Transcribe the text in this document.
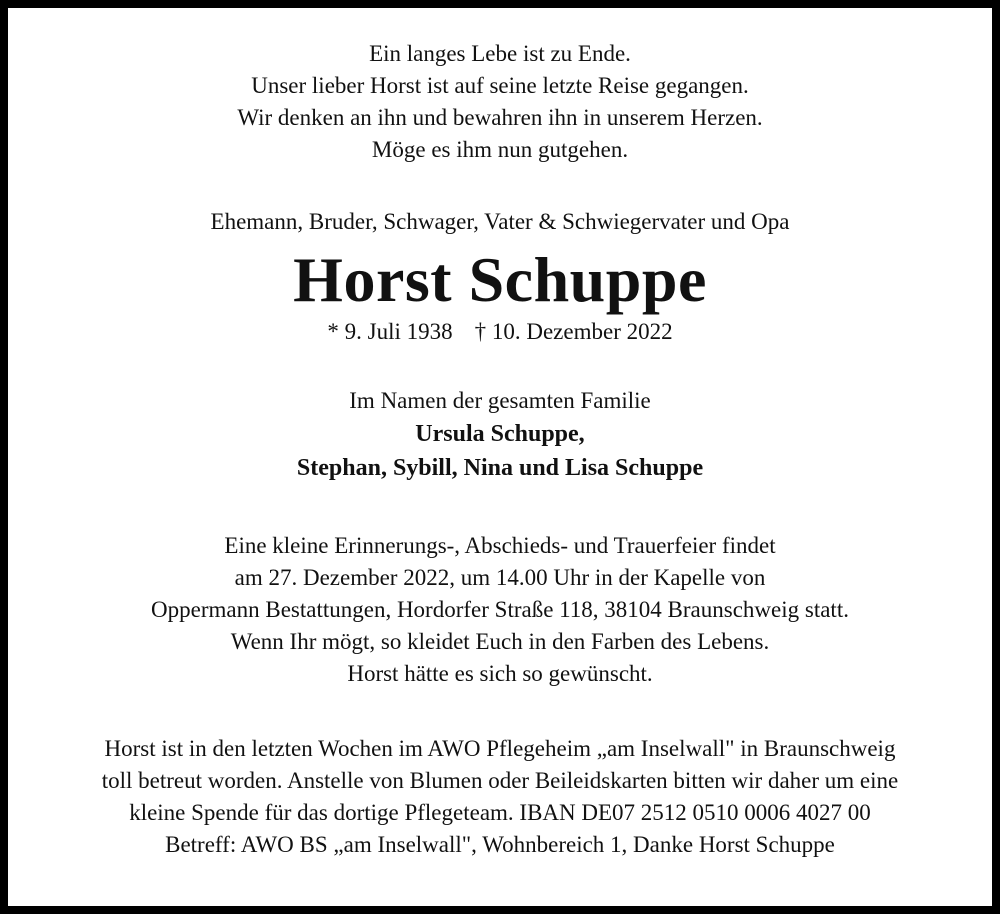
Ein langes Lebe ist zu Ende.
Unser lieber Horst ist auf seine letzte Reise gegangen.
Wir denken an ihn und bewahren ihn in unserem Herzen.
Möge es ihm nun gutgehen.
Ehemann, Bruder, Schwager, Vater & Schwiegervater und Opa
Horst Schuppe
* 9. Juli 1938 † 10. Dezember 2022
Im Namen der gesamten Familie
Ursula Schuppe,
Stephan, Sybill, Nina und Lisa Schuppe
Eine kleine Erinnerungs-, Abschieds- und Trauerfeier findet
am 27. Dezember 2022, um 14.00 Uhr in der Kapelle von
Oppermann Bestattungen, Hordorfer Straße 118, 38104 Braunschweig statt.
Wenn Ihr mögt, so kleidet Euch in den Farben des Lebens.
Horst hätte es sich so gewünscht.
Horst ist in den letzten Wochen im AWO Pflegeheim „am Inselwall" in Braunschweig
toll betreut worden. Anstelle von Blumen oder Beileidskarten bitten wir daher um eine
kleine Spende für das dortige Pflegeteam. IBAN DE07 2512 0510 0006 4027 00
Betreff: AWO BS „am Inselwall", Wohnbereich 1, Danke Horst Schuppe
